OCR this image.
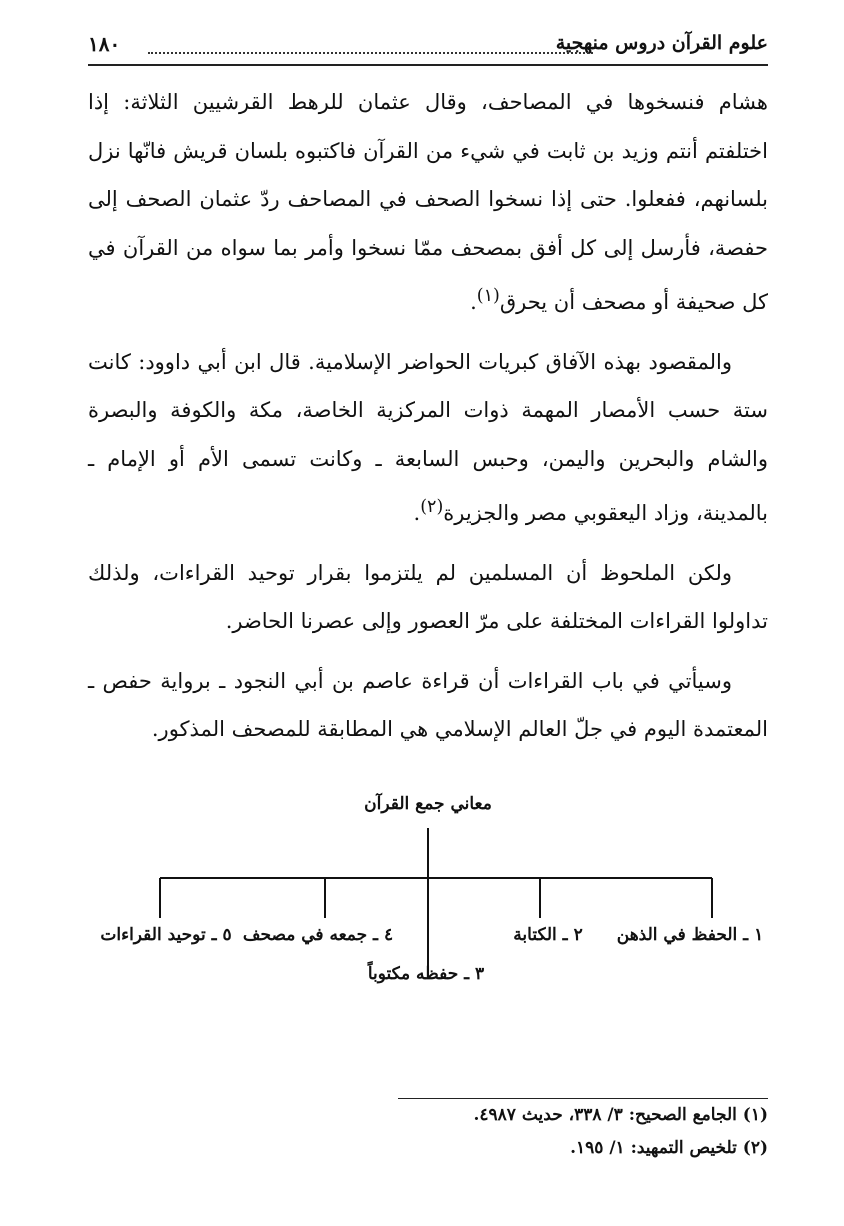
علوم القرآن دروس منهجية
١٨٠

هشام فنسخوها في المصاحف، وقال عثمان للرهط القرشيين الثلاثة: إذا اختلفتم أنتم وزيد بن ثابت في شيء من القرآن فاكتبوه بلسان قريش فانّها نزل بلسانهم، ففعلوا. حتى إذا نسخوا الصحف في المصاحف ردّ عثمان الصحف إلى حفصة، فأرسل إلى كل أفق بمصحف ممّا نسخوا وأمر بما سواه من القرآن في كل صحيفة أو مصحف أن يحرق$^{(١)}$.

والمقصود بهذه الآفاق كبريات الحواضر الإسلامية. قال ابن أبي داوود: كانت ستة حسب الأمصار المهمة ذوات المركزية الخاصة، مكة والكوفة والبصرة والشام والبحرين واليمن، وحبس السابعة ـ وكانت تسمى الأم أو الإمام ـ بالمدينة، وزاد اليعقوبي مصر والجزيرة$^{(٢)}$.

ولكن الملحوظ أن المسلمين لم يلتزموا بقرار توحيد القراءات، ولذلك تداولوا القراءات المختلفة على مرّ العصور وإلى عصرنا الحاضر.

وسيأتي في باب القراءات أن قراءة عاصم بن أبي النجود ـ برواية حفص ـ المعتمدة اليوم في جلّ العالم الإسلامي هي المطابقة للمصحف المذكور.

معاني جمع القرآن
١ ـ الحفظ في الذهن
٢ ـ الكتابة
٣ ـ حفظه مكتوباً
٤ ـ جمعه في مصحف
٥ ـ توحيد القراءات
(١) الجامع الصحيح: ٣/ ٣٣٨، حديث ٤٩٨٧.
(٢) تلخيص التمهيد: ١/ ١٩٥.
